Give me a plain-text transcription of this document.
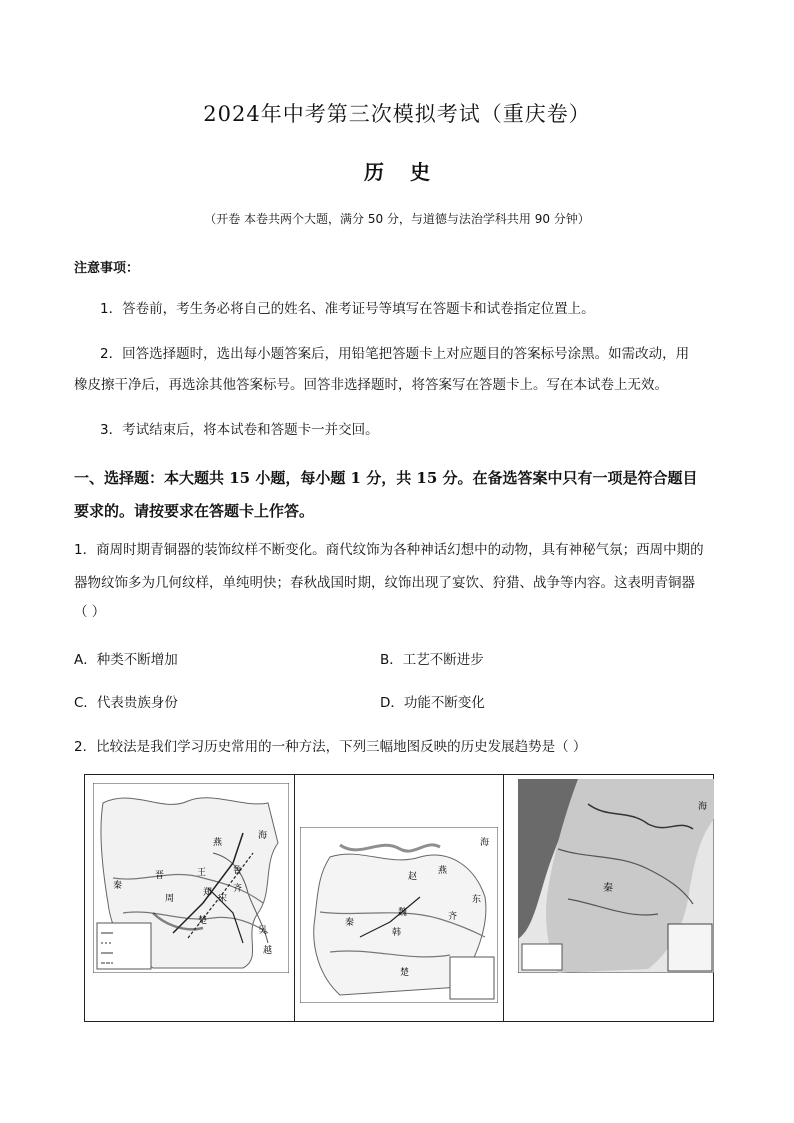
2024年中考第三次模拟考试（重庆卷）
历史
（开卷 本卷共两个大题，满分 50 分，与道德与法治学科共用 90 分钟）
注意事项：
1．答卷前，考生务必将自己的姓名、准考证号等填写在答题卡和试卷指定位置上。
2．回答选择题时，选出每小题答案后，用铅笔把答题卡上对应题目的答案标号涂黑。如需改动，用
橡皮擦干净后，再选涂其他答案标号。回答非选择题时，将答案写在答题卡上。写在本试卷上无效。
3．考试结束后，将本试卷和答题卡一并交回。
一、选择题：本大题共 15 小题，每小题 1 分，共 15 分。在备选答案中只有一项是符合题目
要求的。请按要求在答题卡上作答。
1．商周时期青铜器的装饰纹样不断变化。商代纹饰为各种神话幻想中的动物，具有神秘气氛；西周中期的
器物纹饰多为几何纹样，单纯明快；春秋战国时期，纹饰出现了宴饮、狩猎、战争等内容。这表明青铜器
（ ）
A．种类不断增加	B．工艺不断进步
C．代表贵族身份	D．功能不断变化
2．比较法是我们学习历史常用的一种方法，下列三幅地图反映的历史发展趋势是（ ）
燕
齐
晋
秦
周
王
郑
宋
鲁
楚
吴
越
海
赵
燕
齐
魏
韩
秦
楚
东
海
秦
海
